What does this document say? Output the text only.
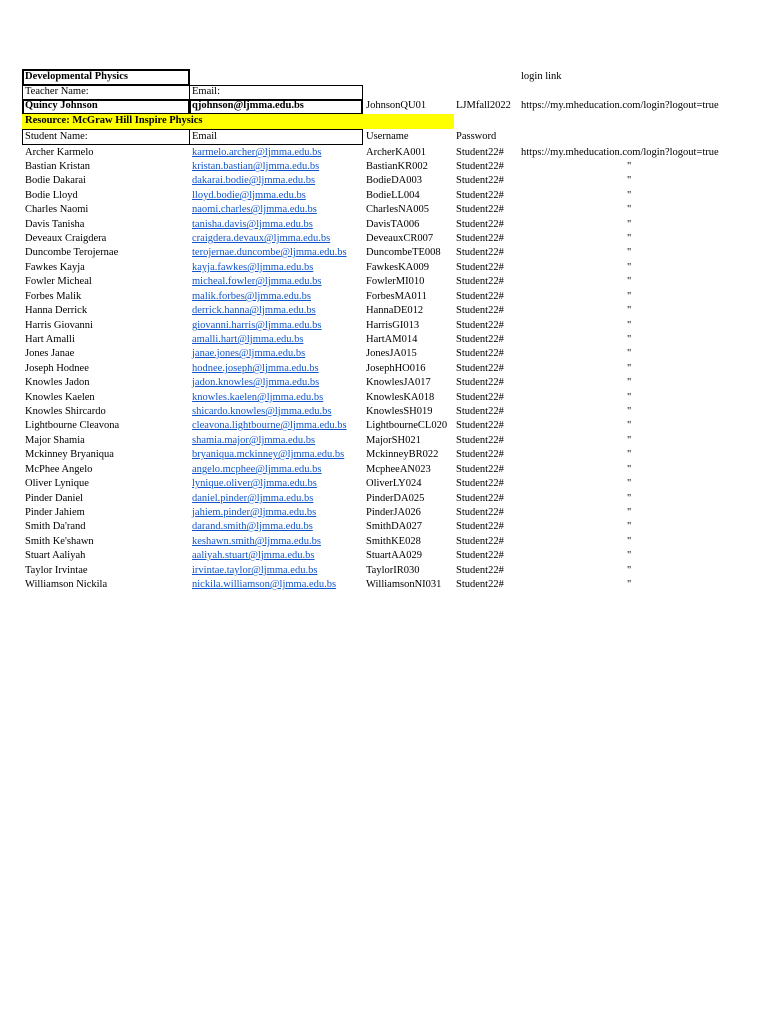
Developmental Physics	login link
Teacher Name:	Email:
Quincy Johnson	qjohnson@ljmma.edu.bs	JohnsonQU01	LJMfall2022 https://my.mheducation.com/login?logout=true
Resource: McGraw Hill Inspire Physics
Student Name:	Email	Username	Password
Archer Karmelo	karmelo.archer@ljmma.edu.bs	ArcherKA001	Student22# https://my.mheducation.com/login?logout=true
Bastian Kristan	kristan.bastian@ljmma.edu.bs	BastianKR002	Student22#	"
Bodie Dakarai	dakarai.bodie@ljmma.edu.bs	BodieDA003	Student22#	"
Bodie Lloyd	lloyd.bodie@ljmma.edu.bs	BodieLL004	Student22#	"
Charles Naomi	naomi.charles@ljmma.edu.bs	CharlesNA005	Student22#	"
Davis Tanisha	tanisha.davis@ljmma.edu.bs	DavisTA006	Student22#	"
Deveaux Craigdera	craigdera.devaux@ljmma.edu.bs	DeveauxCR007 Student22#	"
Duncombe Terojernae	terojernae.duncombe@ljmma.edu.bs DuncombeTE008 Student22#	"
Fawkes Kayja	kayja.fawkes@ljmma.edu.bs	FawkesKA009	Student22#	"
Fowler Micheal	micheal.fowler@ljmma.edu.bs	FowlerMI010	Student22#	"
Forbes Malik	malik.forbes@ljmma.edu.bs	ForbesMA011	Student22#	"
Hanna Derrick	derrick.hanna@ljmma.edu.bs	HannaDE012	Student22#	"
Harris Giovanni	giovanni.harris@ljmma.edu.bs	HarrisGI013	Student22#	"
Hart Amalli	amalli.hart@ljmma.edu.bs	HartAM014	Student22#	"
Jones Janae	janae.jones@ljmma.edu.bs	JonesJA015	Student22#	"
Joseph Hodnee	hodnee.joseph@ljmma.edu.bs	JosephHO016	Student22#	"
Knowles Jadon	jadon.knowles@ljmma.edu.bs	KnowlesJA017 Student22#	"
Knowles Kaelen	knowles.kaelen@ljmma.edu.bs	KnowlesKA018 Student22#	"
Knowles Shircardo	shicardo.knowles@ljmma.edu.bs	KnowlesSH019 Student22#	"
Lightbourne Cleavona	cleavona.lightbourne@ljmma.edu.bs LightbourneCL020 Student22#	"
Major Shamia	shamia.major@ljmma.edu.bs	MajorSH021	Student22#	"
Mckinney Bryaniqua	bryaniqua.mckinney@ljmma.edu.bs MckinneyBR022 Student22#	"
McPhee Angelo	angelo.mcphee@ljmma.edu.bs	McpheeAN023 Student22#	"
Oliver Lynique	lynique.oliver@ljmma.edu.bs	OliverLY024	Student22#	"
Pinder Daniel	daniel.pinder@ljmma.edu.bs	PinderDA025	Student22#	"
Pinder Jahiem	jahiem.pinder@ljmma.edu.bs	PinderJA026	Student22#	"
Smith Da'rand	darand.smith@ljmma.edu.bs	SmithDA027	Student22#	"
Smith Ke'shawn	keshawn.smith@ljmma.edu.bs	SmithKE028	Student22#	"
Stuart Aaliyah	aaliyah.stuart@ljmma.edu.bs	StuartAA029	Student22#	"
Taylor Irvintae	irvintae.taylor@ljmma.edu.bs	TaylorIR030	Student22#	"
Williamson Nickila	nickila.williamson@ljmma.edu.bs	WilliamsonNI031 Student22#	"
